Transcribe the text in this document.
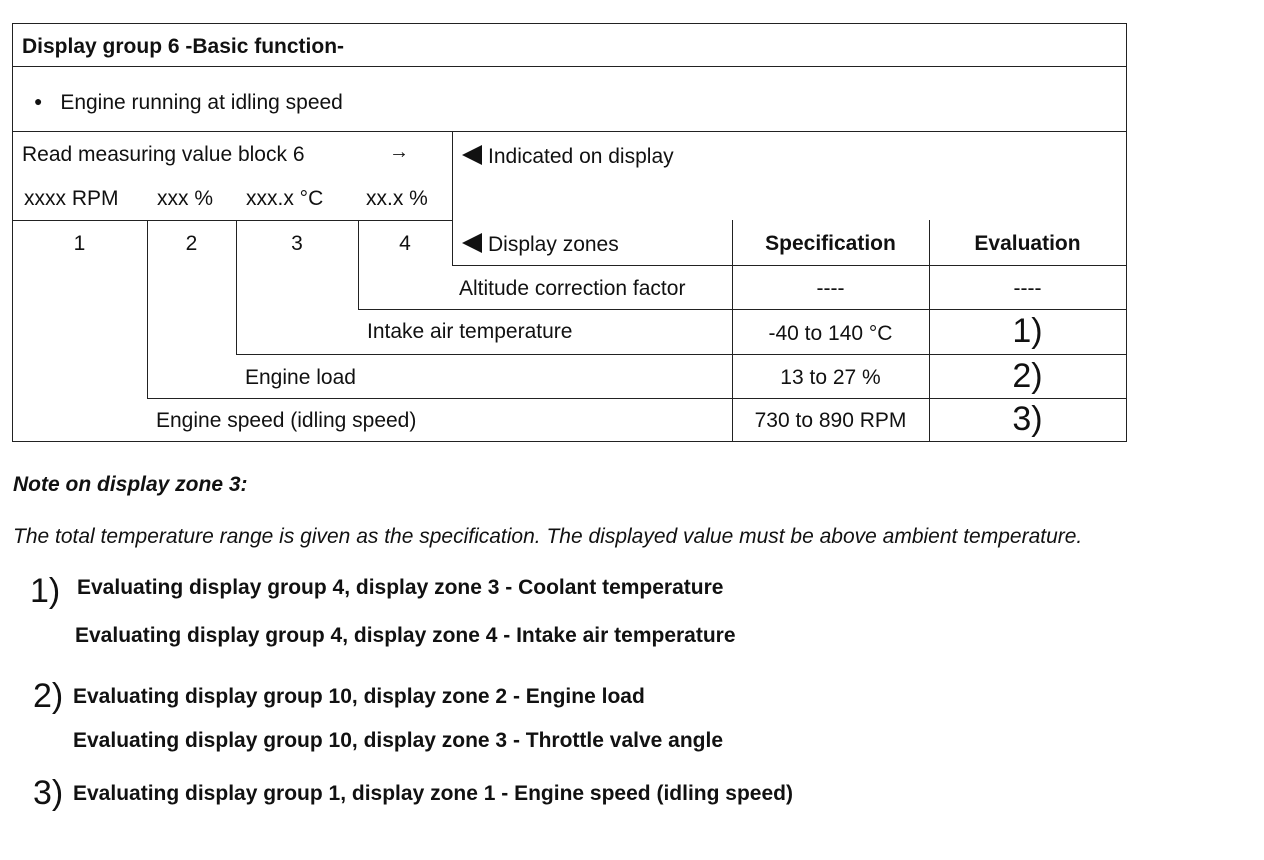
Display group 6 -Basic function-
● Engine running at idling speed
Read measuring value block 6	→	Indicated on display
xxxx RPM xxx % xxx.x °C xx.x %
1	2	3	4	Display zones	Specification	Evaluation
Altitude correction factor	----	----
Intake air temperature	-40 to 140 °C	1)
Engine load	13 to 27 %	2)
Engine speed (idling speed)	730 to 890 RPM	3)
Note on display zone 3:
The total temperature range is given as the specification. The displayed value must be above ambient temperature.
1) Evaluating display group 4, display zone 3 - Coolant temperature
Evaluating display group 4, display zone 4 - Intake air temperature
2) Evaluating display group 10, display zone 2 - Engine load
Evaluating display group 10, display zone 3 - Throttle valve angle
3) Evaluating display group 1, display zone 1 - Engine speed (idling speed)
